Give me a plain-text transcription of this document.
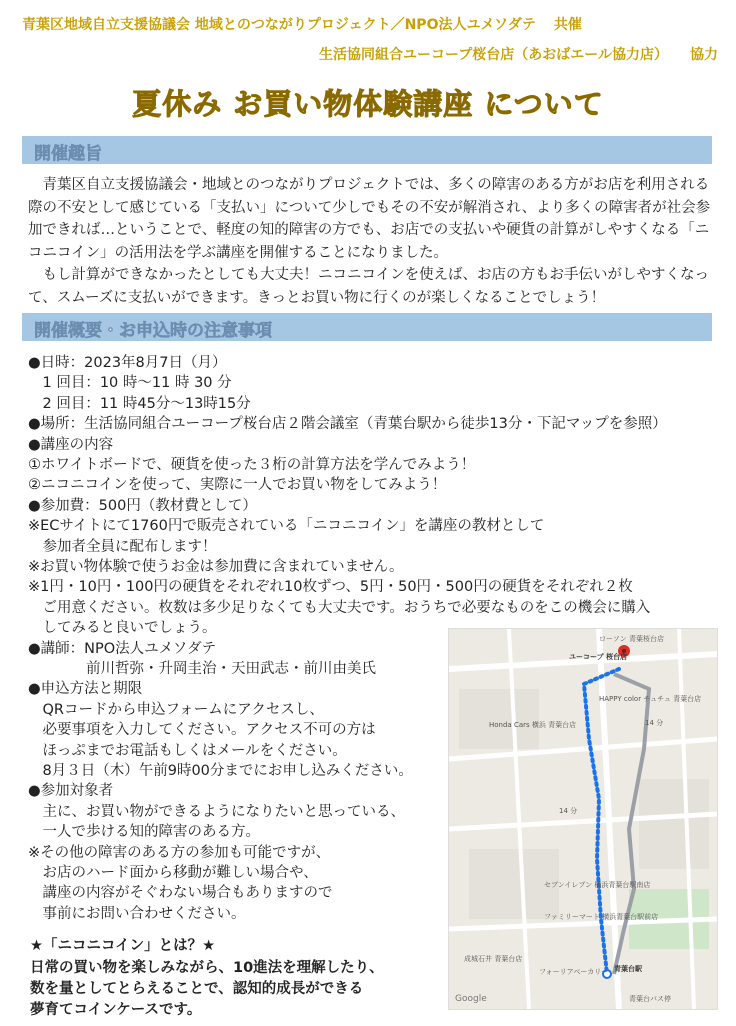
青葉区地域自立支援協議会 地域とのつながりプロジェクト／NPO法人ユメソダテ 共催
生活協同組合ユーコープ桜台店（あおばエール協力店） 協力
夏休み お買い物体験講座 について
開催趣旨

　青葉区自立支援協議会・地域とのつながりプロジェクトでは、多くの障害のある方がお店を利用される際の不安として感じている「支払い」について少しでもその不安が解消され、より多くの障害者が社会参加できれば…ということで、軽度の知的障害の方でも、お店での支払いや硬貨の計算がしやすくなる「ニコニコイン」の活用法を学ぶ講座を開催することになりました。

　もし計算ができなかったとしても大丈夫！ニコニコインを使えば、お店の方もお手伝いがしやすくなって、スムーズに支払いができます。きっとお買い物に行くのが楽しくなることでしょう！

開催概要・お申込時の注意事項
●日時：2023年8月7日（月）
　1 回目：10 時～11 時 30 分
　2 回目：11 時45分～13時15分
●場所：生活協同組合ユーコープ桜台店２階会議室（青葉台駅から徒歩13分・下記マップを参照）
●講座の内容
①ホワイトボードで、硬貨を使った３桁の計算方法を学んでみよう！
②ニコニコインを使って、実際に一人でお買い物をしてみよう！
●参加費：500円（教材費として）
※ECサイトにて1760円で販売されている「ニコニコイン」を講座の教材として
　参加者全員に配布します！
※お買い物体験で使うお金は参加費に含まれていません。
※1円・10円・100円の硬貨をそれぞれ10枚ずつ、5円・50円・500円の硬貨をそれぞれ２枚
　ご用意ください。枚数は多少足りなくても大丈夫です。おうちで必要なものをこの機会に購入
　してみると良いでしょう。
●講師：NPO法人ユメソダテ
　　　　前川哲弥・升岡圭治・天田武志・前川由美氏
●申込方法と期限
　QRコードから申込フォームにアクセスし、
　必要事項を入力してください。アクセス不可の方は
　ほっぷまでお電話もしくはメールをください。
　8月３日（木）午前9時00分までにお申し込みください。
●参加対象者
　主に、お買い物ができるようになりたいと思っている、
　一人で歩ける知的障害のある方。
※その他の障害のある方の参加も可能ですが、
　お店のハード面から移動が難しい場合や、
　講座の内容がそぐわない場合もありますので
　事前にお問い合わせください。
★「ニコニコイン」とは？★
日常の買い物を楽しみながら、10進法を理解したり、
数を量としてとらえることで、認知的成長ができる
夢育てコインケースです。
ローソン 青葉桜台店
ユーコープ 桜台店
HAPPY color チュチュ 青葉台店
Honda Cars 横浜 青葉台店	14 分
14 分
セブンイレブン 横浜青葉台駅南店
ファミリーマート 横浜青葉台駅前店
成城石井 青葉台店
フォーリアベーカリー 青葉台駅
青葉台バス停
Google
